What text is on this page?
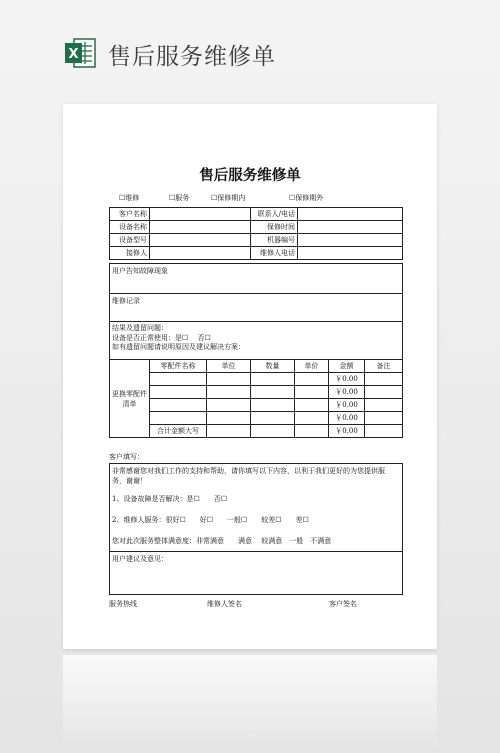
X 售后服务维修单
售后服务维修单
☐维修	☐服务	☐保修期内	☐保修期外
客户名称		联系人/电话	
设备名称		保修时间	
设备型号		机器编号	
接修人		维修人电话	
用户告知故障现象
维修记录

结果及遗留问题：
设备是否正常使用：是☐　 否☐
如有遗留问题请说明原因及建议解决方案：
更换零配件
清单	零配件名称	单位	数量	单价	金额	备注
					￥0.00	
					￥0.00	
					￥0.00	
					￥0.00	
	合计金额大写				￥0.00	
客户填写：
非常感谢您对我们工作的支持和帮助，请你填写以下内容，以利于我们更好的为您提供服
务，谢谢！
1、设备故障是否解决：是☐　　否☐
2、维修人服务：很好☐　　好☐　　一般☐　　较差☐　　差☐
您对此次服务整体满意度：非常满意　　满意　 较满意　一般　不满意

用户建议及意见：
服务热线	维修人签名	客户签名
